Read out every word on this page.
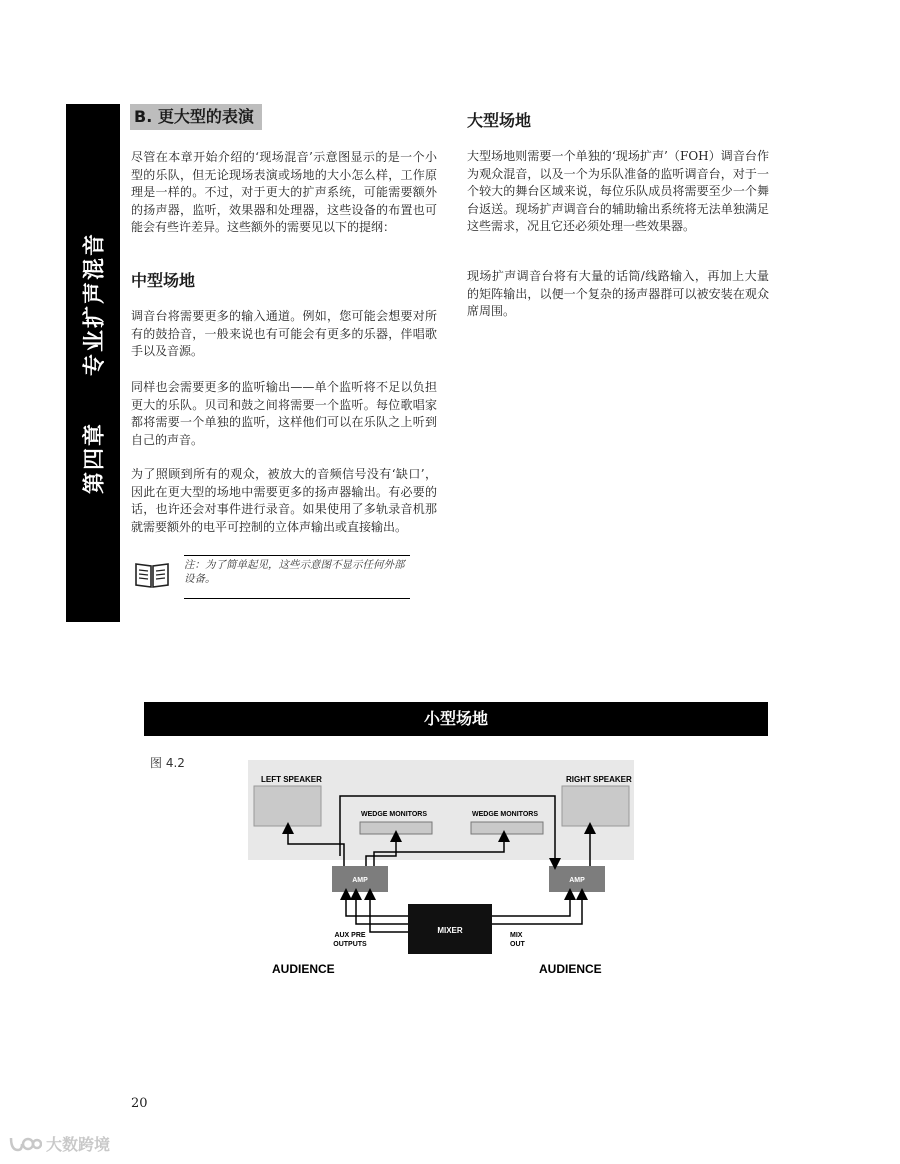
第四章专业扩声混音
B. 更大型的表演

尽管在本章开始介绍的‘现场混音’示意图显示的是一个小型的乐队，但无论现场表演或场地的大小怎么样，工作原理是一样的。不过，对于更大的扩声系统，可能需要额外的扬声器，监听，效果器和处理器，这些设备的布置也可能会有些许差异。这些额外的需要见以下的提纲：

中型场地

调音台将需要更多的输入通道。例如，您可能会想要对所有的鼓拾音，一般来说也有可能会有更多的乐器，伴唱歌手以及音源。

同样也会需要更多的监听输出——单个监听将不足以负担更大的乐队。贝司和鼓之间将需要一个监听。每位歌唱家都将需要一个单独的监听，这样他们可以在乐队之上听到自己的声音。

为了照顾到所有的观众，被放大的音频信号没有‘缺口’，因此在更大型的场地中需要更多的扬声器输出。有必要的话，也许还会对事件进行录音。如果使用了多轨录音机那就需要额外的电平可控制的立体声输出或直接输出。

注：为了简单起见，这些示意图不显示任何外部设备。

大型场地

大型场地则需要一个单独的‘现场扩声’（FOH）调音台作为观众混音，以及一个为乐队准备的监听调音台，对于一个较大的舞台区域来说，每位乐队成员将需要至少一个舞台返送。现场扩声调音台的辅助输出系统将无法单独满足这些需求，况且它还必须处理一些效果器。

现场扩声调音台将有大量的话筒/线路输入，再加上大量的矩阵输出，以便一个复杂的扬声器群可以被安装在观众席周围。

小型场地
图 4.2
LEFT SPEAKER	RIGHT SPEAKER
WEDGE MONITORS	WEDGE MONITORS
AMP	AMP
MIXER
AUX PRE
OUTPUTS
MIX
OUT
AUDIENCE	AUDIENCE
20
大数跨境
